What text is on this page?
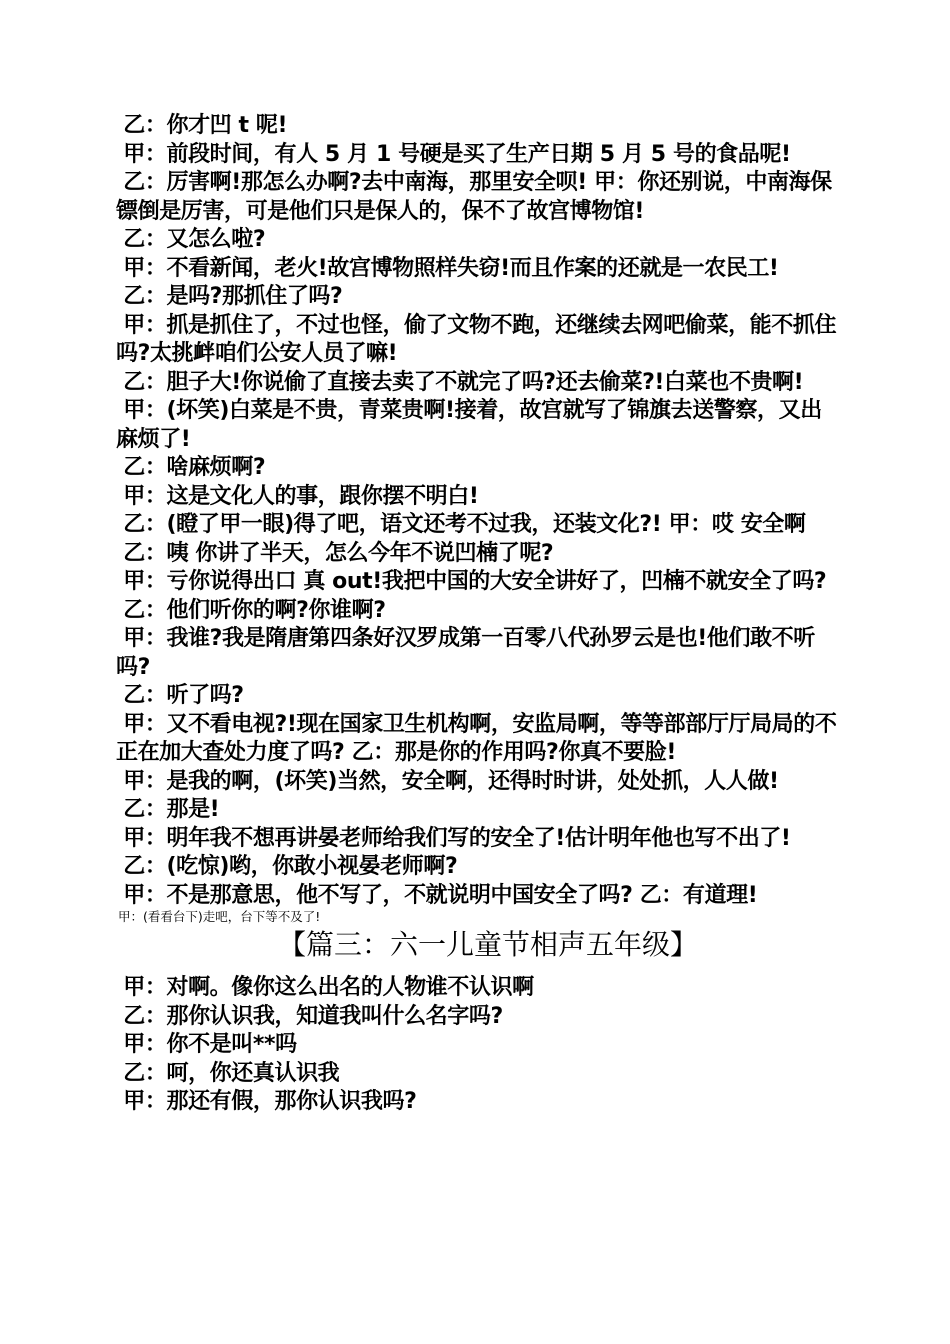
乙：你才凹 t 呢!
甲：前段时间，有人 5 月 1 号硬是买了生产日期 5 月 5 号的食品呢!
乙：厉害啊!那怎么办啊?去中南海，那里安全呗! 甲：你还别说，中南海保镖倒是厉害，可是他们只是保人的，保不了故宫博物馆!
乙：又怎么啦?
甲：不看新闻，老火!故宫博物照样失窃!而且作案的还就是一农民工!
乙：是吗?那抓住了吗?
甲：抓是抓住了，不过也怪，偷了文物不跑，还继续去网吧偷菜，能不抓住吗?太挑衅咱们公安人员了嘛!
乙：胆子大!你说偷了直接去卖了不就完了吗?还去偷菜?!白菜也不贵啊!
甲：(坏笑)白菜是不贵，青菜贵啊!接着，故宫就写了锦旗去送警察，又出麻烦了!
乙：啥麻烦啊?
甲：这是文化人的事，跟你摆不明白!
乙：(瞪了甲一眼)得了吧，语文还考不过我，还装文化?! 甲：哎 安全啊
乙：咦 你讲了半天，怎么今年不说凹楠了呢?
甲：亏你说得出口 真 out!我把中国的大安全讲好了，凹楠不就安全了吗?
乙：他们听你的啊?你谁啊?
甲：我谁?我是隋唐第四条好汉罗成第一百零八代孙罗云是也!他们敢不听吗?
乙：听了吗?
甲：又不看电视?!现在国家卫生机构啊，安监局啊，等等部部厅厅局局的不正在加大查处力度了吗? 乙：那是你的作用吗?你真不要脸!
甲：是我的啊，(坏笑)当然，安全啊，还得时时讲，处处抓，人人做!
乙：那是!
甲：明年我不想再讲晏老师给我们写的安全了!估计明年他也写不出了!
乙：(吃惊)哟，你敢小视晏老师啊?
甲：不是那意思，他不写了，不就说明中国安全了吗? 乙：有道理!
甲：(看看台下)走吧，台下等不及了!
【篇三：六一儿童节相声五年级】
甲：对啊。像你这么出名的人物谁不认识啊
乙：那你认识我，知道我叫什么名字吗?
甲：你不是叫**吗
乙：呵，你还真认识我
甲：那还有假，那你认识我吗?
